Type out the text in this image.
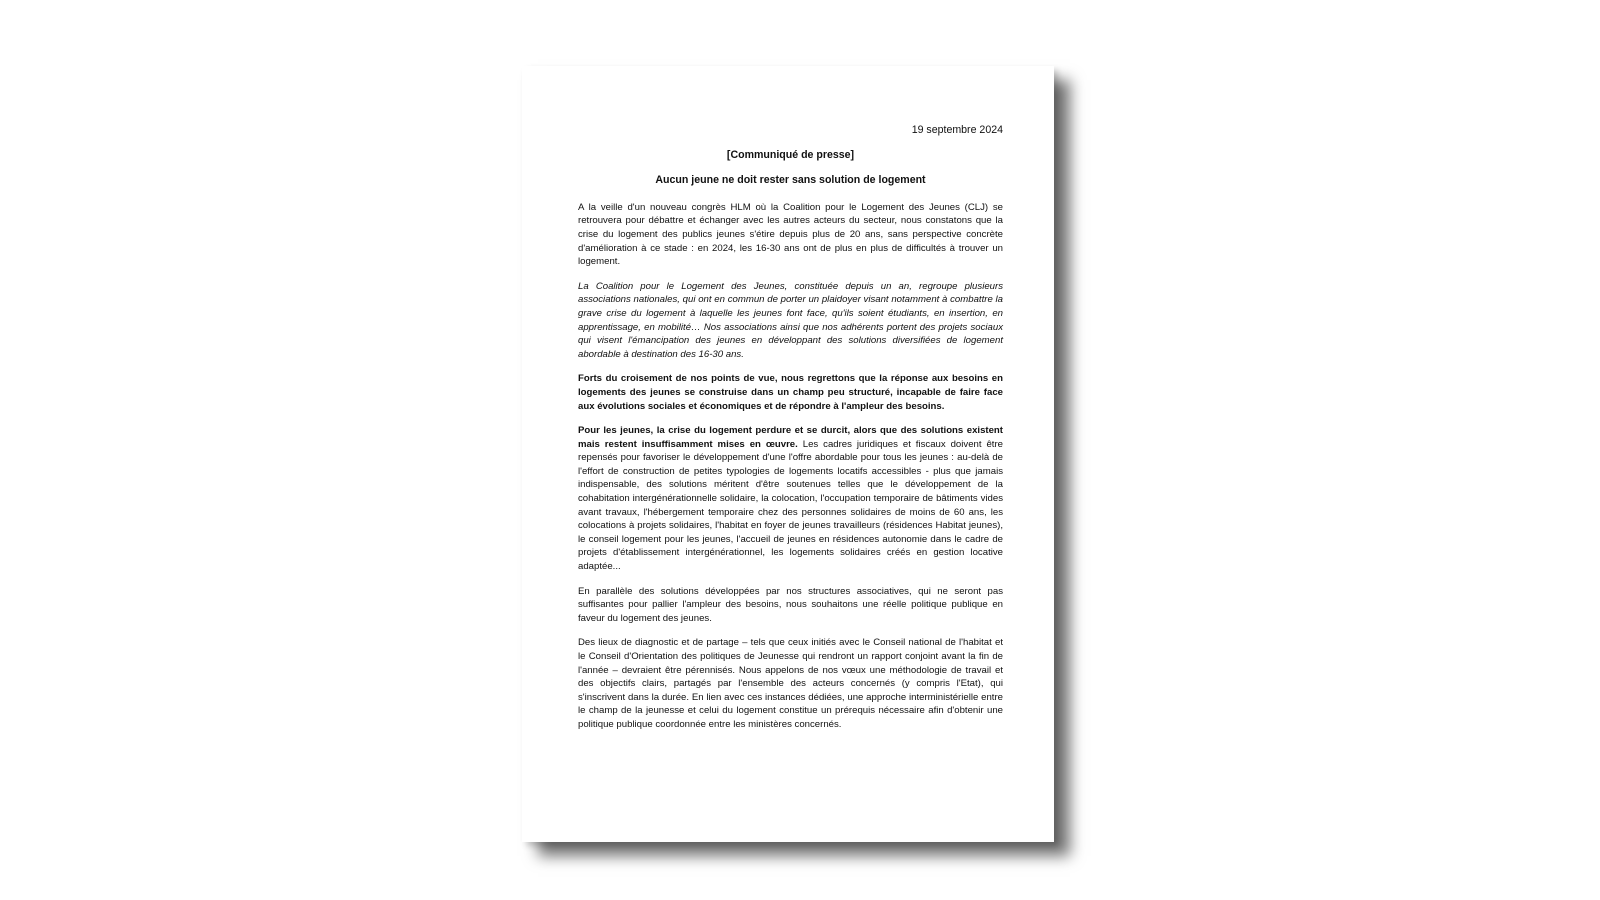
19 septembre 2024

[Communiqué de presse]

Aucun jeune ne doit rester sans solution de logement

A la veille d'un nouveau congrès HLM où la Coalition pour le Logement des Jeunes (CLJ) se retrouvera pour débattre et échanger avec les autres acteurs du secteur, nous constatons que la crise du logement des publics jeunes s'étire depuis plus de 20 ans, sans perspective concrète d'amélioration à ce stade : en 2024, les 16-30 ans ont de plus en plus de difficultés à trouver un logement.

La Coalition pour le Logement des Jeunes, constituée depuis un an, regroupe plusieurs associations nationales, qui ont en commun de porter un plaidoyer visant notamment à combattre la grave crise du logement à laquelle les jeunes font face, qu'ils soient étudiants, en insertion, en apprentissage, en mobilité… Nos associations ainsi que nos adhérents portent des projets sociaux qui visent l'émancipation des jeunes en développant des solutions diversifiées de logement abordable à destination des 16-30 ans.

Forts du croisement de nos points de vue, nous regrettons que la réponse aux besoins en logements des jeunes se construise dans un champ peu structuré, incapable de faire face aux évolutions sociales et économiques et de répondre à l'ampleur des besoins.

Pour les jeunes, la crise du logement perdure et se durcit, alors que des solutions existent mais restent insuffisamment mises en œuvre. Les cadres juridiques et fiscaux doivent être repensés pour favoriser le développement d'une l'offre abordable pour tous les jeunes : au-delà de l'effort de construction de petites typologies de logements locatifs accessibles - plus que jamais indispensable, des solutions méritent d'être soutenues telles que le développement de la cohabitation intergénérationnelle solidaire, la colocation, l'occupation temporaire de bâtiments vides avant travaux, l'hébergement temporaire chez des personnes solidaires de moins de 60 ans, les colocations à projets solidaires, l'habitat en foyer de jeunes travailleurs (résidences Habitat jeunes), le conseil logement pour les jeunes, l'accueil de jeunes en résidences autonomie dans le cadre de projets d'établissement intergénérationnel, les logements solidaires créés en gestion locative adaptée...

En parallèle des solutions développées par nos structures associatives, qui ne seront pas suffisantes pour pallier l'ampleur des besoins, nous souhaitons une réelle politique publique en faveur du logement des jeunes.

Des lieux de diagnostic et de partage – tels que ceux initiés avec le Conseil national de l'habitat et le Conseil d'Orientation des politiques de Jeunesse qui rendront un rapport conjoint avant la fin de l'année – devraient être pérennisés. Nous appelons de nos vœux une méthodologie de travail et des objectifs clairs, partagés par l'ensemble des acteurs concernés (y compris l'Etat), qui s'inscrivent dans la durée. En lien avec ces instances dédiées, une approche interministérielle entre le champ de la jeunesse et celui du logement constitue un prérequis nécessaire afin d'obtenir une politique publique coordonnée entre les ministères concernés.
